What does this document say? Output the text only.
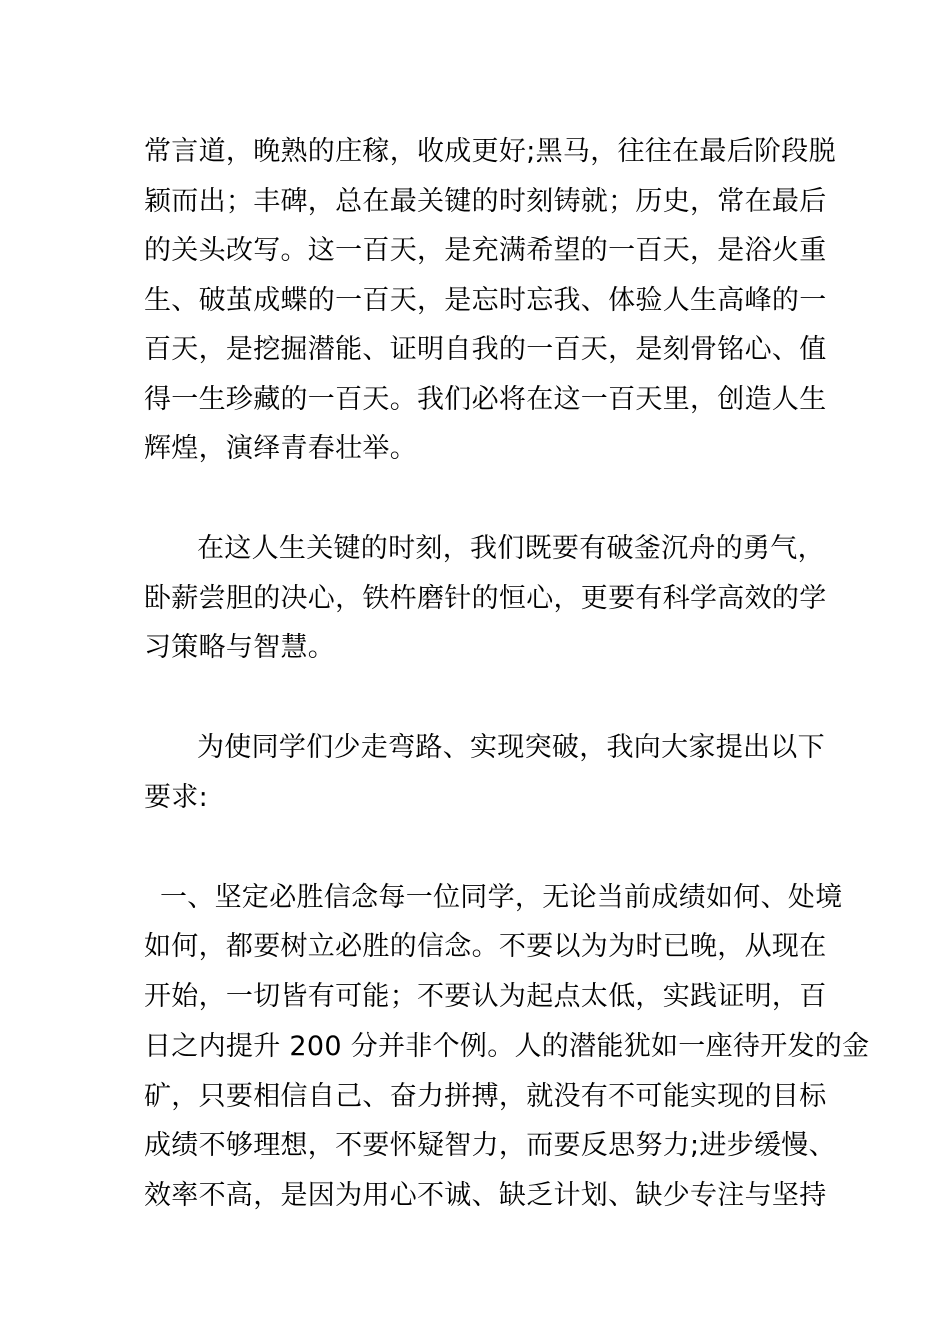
常言道，晚熟的庄稼，收成更好;黑马，往往在最后阶段脱
颖而出；丰碑，总在最关键的时刻铸就；历史，常在最后
的关头改写。这一百天，是充满希望的一百天，是浴火重
生、破茧成蝶的一百天，是忘时忘我、体验人生高峰的一
百天，是挖掘潜能、证明自我的一百天，是刻骨铭心、值
得一生珍藏的一百天。我们必将在这一百天里，创造人生
辉煌，演绎青春壮举。
在这人生关键的时刻，我们既要有破釜沉舟的勇气，
卧薪尝胆的决心，铁杵磨针的恒心，更要有科学高效的学
习策略与智慧。
为使同学们少走弯路、实现突破，我向大家提出以下
要求:
一、坚定必胜信念每一位同学，无论当前成绩如何、处境
如何，都要树立必胜的信念。不要以为为时已晚，从现在
开始，一切皆有可能；不要认为起点太低，实践证明，百
日之内提升 200 分并非个例。人的潜能犹如一座待开发的金
矿，只要相信自己、奋力拼搏，就没有不可能实现的目标
成绩不够理想，不要怀疑智力，而要反思努力;进步缓慢、
效率不高，是因为用心不诚、缺乏计划、缺少专注与坚持
